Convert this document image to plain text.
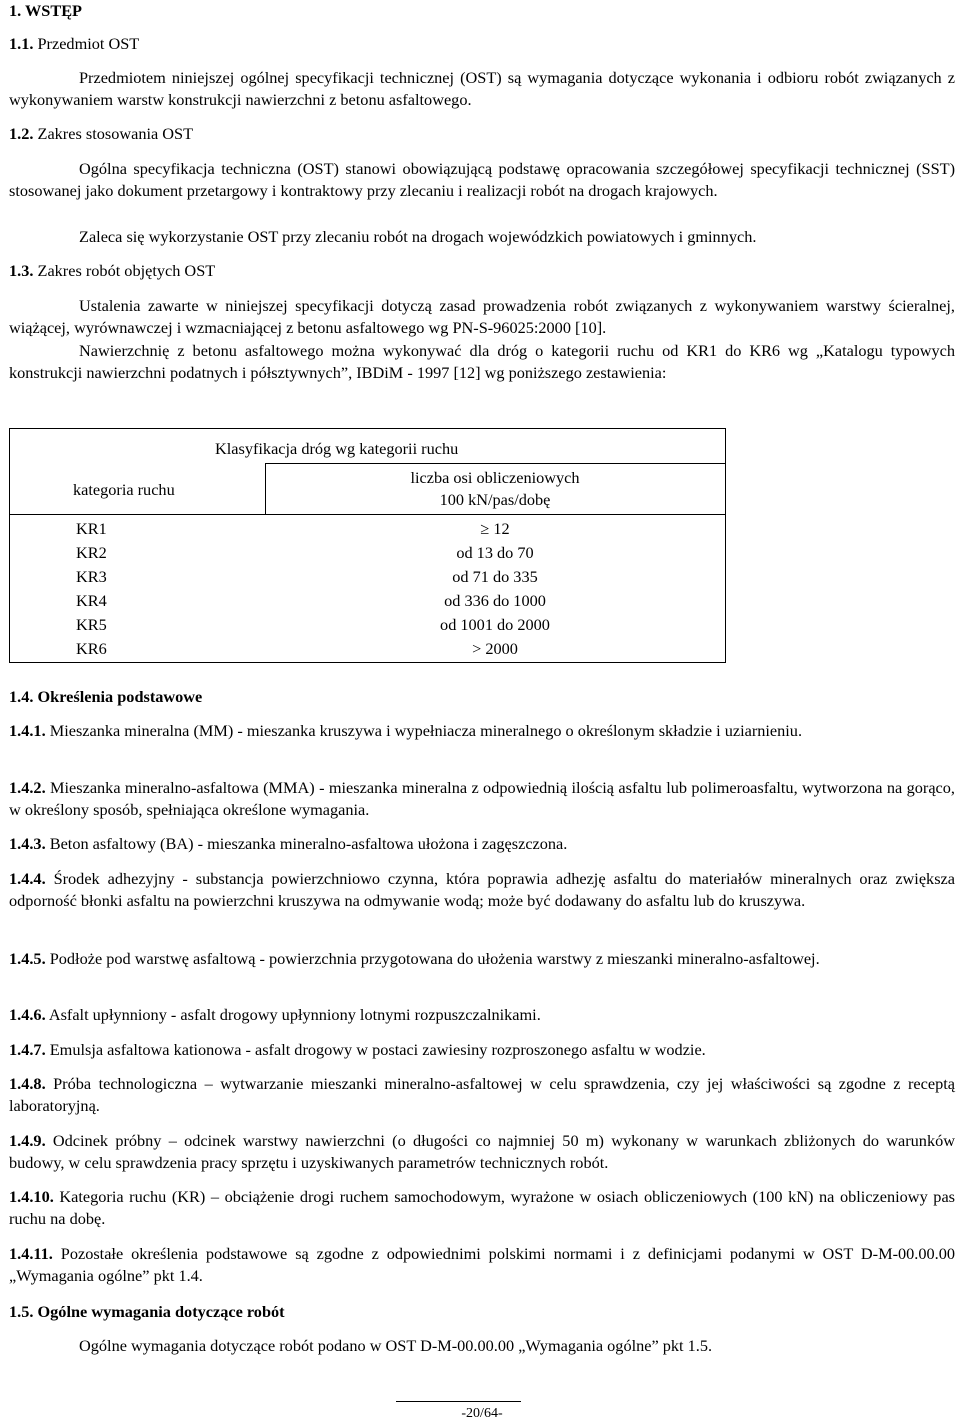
1. WSTĘP
1.1. Przedmiot OST

Przedmiotem niniejszej ogólnej specyfikacji technicznej (OST) są wymagania dotyczące wykonania i odbioru robót związanych z wykonywaniem warstw konstrukcji nawierzchni z betonu asfaltowego.

1.2. Zakres stosowania OST

Ogólna specyfikacja techniczna (OST) stanowi obowiązującą podstawę opracowania szczegółowej specyfikacji technicznej (SST) stosowanej jako dokument przetargowy i kontraktowy przy zlecaniu i realizacji robót na drogach krajowych.

Zaleca się wykorzystanie OST przy zlecaniu robót na drogach wojewódzkich powiatowych i gminnych.

1.3. Zakres robót objętych OST

Ustalenia zawarte w niniejszej specyfikacji dotyczą zasad prowadzenia robót związanych z wykonywaniem warstwy ścieralnej, wiążącej, wyrównawczej i wzmacniającej z betonu asfaltowego wg PN-S-96025:2000 [10].

Nawierzchnię z betonu asfaltowego można wykonywać dla dróg o kategorii ruchu od KR1 do KR6 wg „Katalogu typowych konstrukcji nawierzchni podatnych i półsztywnych”, IBDiM - 1997 [12] wg poniższego zestawienia:

Klasyfikacja dróg wg kategorii ruchu
kategoria ruchu
liczba osi obliczeniowych
100 kN/pas/dobę
KR1	≥ 12
KR2	od 13 do 70
KR3	od 71 do 335
KR4	od 336 do 1000
KR5	od 1001 do 2000
KR6	> 2000
1.4. Określenia podstawowe

1.4.1. Mieszanka mineralna (MM) - mieszanka kruszywa i wypełniacza mineralnego o określonym składzie i uziarnieniu.

1.4.2. Mieszanka mineralno-asfaltowa (MMA) - mieszanka mineralna z odpowiednią ilością asfaltu lub polimeroasfaltu, wytworzona na gorąco, w określony sposób, spełniająca określone wymagania.

1.4.3. Beton asfaltowy (BA) - mieszanka mineralno-asfaltowa ułożona i zagęszczona.

1.4.4. Środek adhezyjny - substancja powierzchniowo czynna, która poprawia adhezję asfaltu do materiałów mineralnych oraz zwiększa odporność błonki asfaltu na powierzchni kruszywa na odmywanie wodą; może być dodawany do asfaltu lub do kruszywa.

1.4.5. Podłoże pod warstwę asfaltową - powierzchnia przygotowana do ułożenia warstwy z mieszanki mineralno-asfaltowej.

1.4.6. Asfalt upłynniony - asfalt drogowy upłynniony lotnymi rozpuszczalnikami.

1.4.7. Emulsja asfaltowa kationowa - asfalt drogowy w postaci zawiesiny rozproszonego asfaltu w wodzie.

1.4.8. Próba technologiczna – wytwarzanie mieszanki mineralno-asfaltowej w celu sprawdzenia, czy jej właściwości są zgodne z receptą laboratoryjną.

1.4.9. Odcinek próbny – odcinek warstwy nawierzchni (o długości co najmniej 50 m) wykonany w warunkach zbliżonych do warunków budowy, w celu sprawdzenia pracy sprzętu i uzyskiwanych parametrów technicznych robót.

1.4.10. Kategoria ruchu (KR) – obciążenie drogi ruchem samochodowym, wyrażone w osiach obliczeniowych (100 kN) na obliczeniowy pas ruchu na dobę.

1.4.11. Pozostałe określenia podstawowe są zgodne z odpowiednimi polskimi normami i z definicjami podanymi w OST D-M-00.00.00 „Wymagania ogólne” pkt 1.4.

1.5. Ogólne wymagania dotyczące robót

Ogólne wymagania dotyczące robót podano w OST D-M-00.00.00 „Wymagania ogólne” pkt 1.5.

-20/64-
